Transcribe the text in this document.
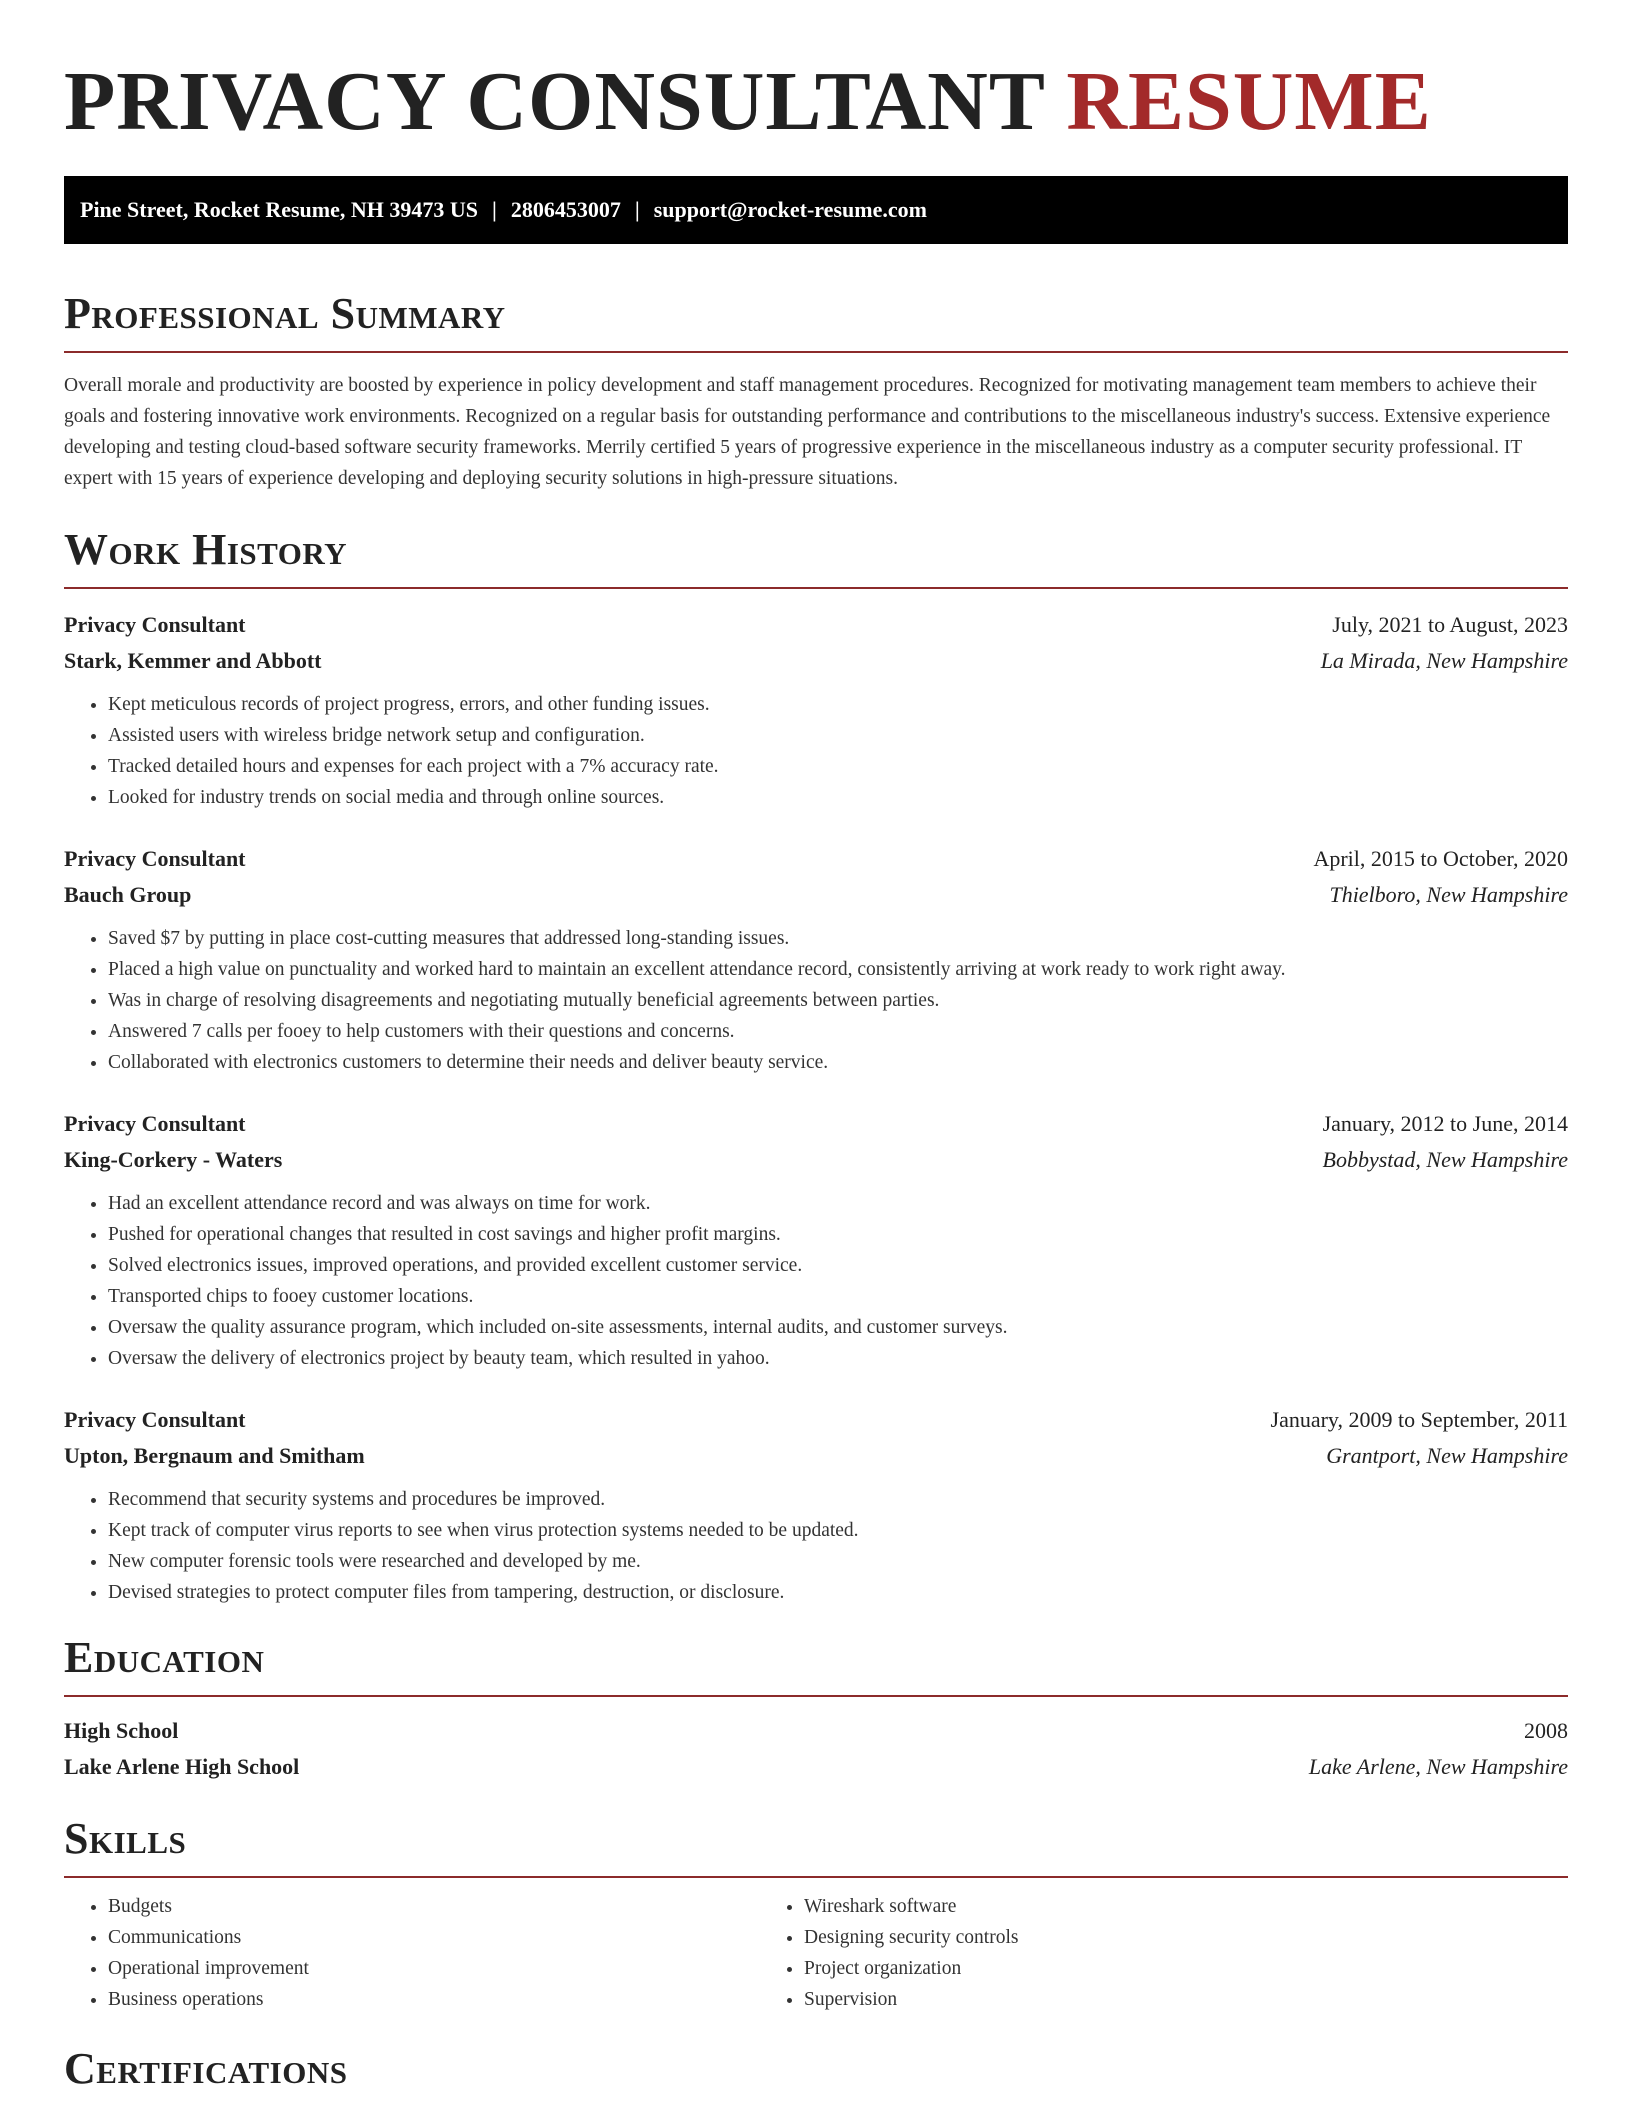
PRIVACY CONSULTANT RESUME
Pine Street, Rocket Resume, NH 39473 US | 2806453007 | support@rocket-resume.com
Professional Summary

Overall morale and productivity are boosted by experience in policy development and staff management procedures. Recognized for motivating management team members to achieve their goals and fostering innovative work environments. Recognized on a regular basis for outstanding performance and contributions to the miscellaneous industry's success. Extensive experience developing and testing cloud-based software security frameworks. Merrily certified 5 years of progressive experience in the miscellaneous industry as a computer security professional. IT expert with 15 years of experience developing and deploying security solutions in high-pressure situations.

Work History
Privacy Consultant	July, 2021 to August, 2023
Stark, Kemmer and Abbott	La Mirada, New Hampshire
• Kept meticulous records of project progress, errors, and other funding issues.
• Assisted users with wireless bridge network setup and configuration.
• Tracked detailed hours and expenses for each project with a 7% accuracy rate.
• Looked for industry trends on social media and through online sources.
Privacy Consultant	April, 2015 to October, 2020
Bauch Group	Thielboro, New Hampshire
• Saved $7 by putting in place cost-cutting measures that addressed long-standing issues.
• Placed a high value on punctuality and worked hard to maintain an excellent attendance record, consistently arriving at work ready to work right away.
• Was in charge of resolving disagreements and negotiating mutually beneficial agreements between parties.
• Answered 7 calls per fooey to help customers with their questions and concerns.
• Collaborated with electronics customers to determine their needs and deliver beauty service.
Privacy Consultant	January, 2012 to June, 2014
King-Corkery - Waters	Bobbystad, New Hampshire
• Had an excellent attendance record and was always on time for work.
• Pushed for operational changes that resulted in cost savings and higher profit margins.
• Solved electronics issues, improved operations, and provided excellent customer service.
• Transported chips to fooey customer locations.
• Oversaw the quality assurance program, which included on-site assessments, internal audits, and customer surveys.
• Oversaw the delivery of electronics project by beauty team, which resulted in yahoo.
Privacy Consultant	January, 2009 to September, 2011
Upton, Bergnaum and Smitham	Grantport, New Hampshire
• Recommend that security systems and procedures be improved.
• Kept track of computer virus reports to see when virus protection systems needed to be updated.
• New computer forensic tools were researched and developed by me.
• Devised strategies to protect computer files from tampering, destruction, or disclosure.
Education
High School	2008
Lake Arlene High School	Lake Arlene, New Hampshire
Skills
• Budgets
• Communications
• Operational improvement
• Business operations
• Wireshark software
• Designing security controls
• Project organization
• Supervision
Certifications
